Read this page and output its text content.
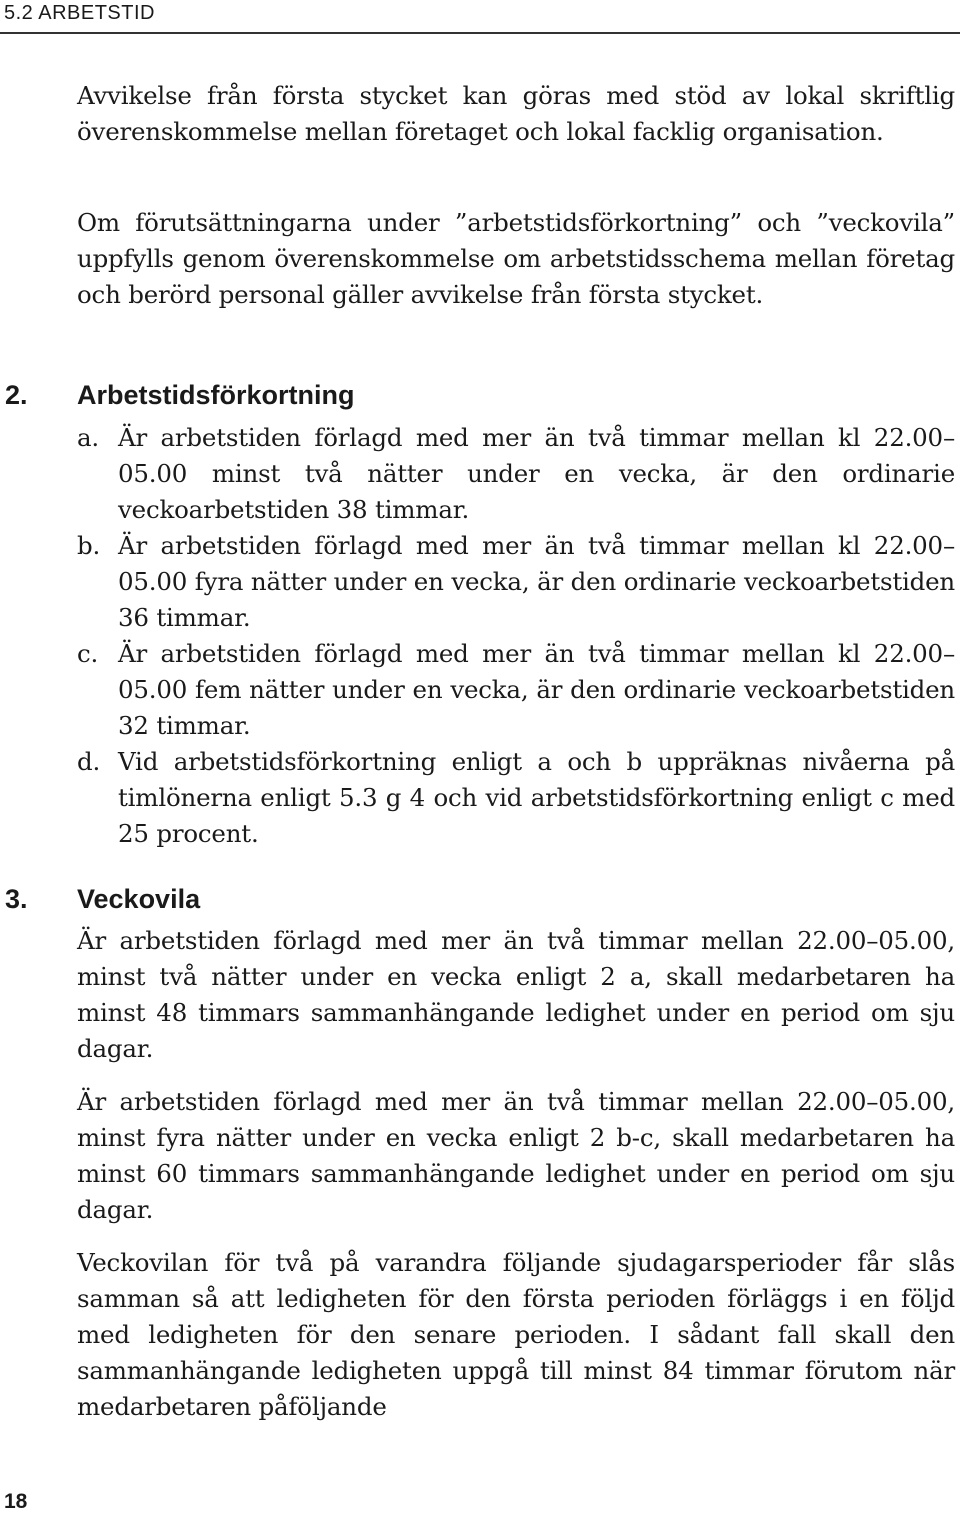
5.2 ARBETSTID

Avvikelse från första stycket kan göras med stöd av lokal skriftlig överenskommelse mellan företaget och lokal facklig organisation.

Om förutsättningarna under ”arbetstidsförkortning” och ”veckovila” uppfylls genom överenskommelse om arbetstidsschema mellan företag och berörd personal gäller avvikelse från första stycket.

2. Arbetstidsförkortning
a. Är arbetstiden förlagd med mer än två timmar mellan kl 22.00–05.00 minst två nätter under en vecka, är den ordinarie veckoarbetstiden 38 timmar.
b. Är arbetstiden förlagd med mer än två timmar mellan kl 22.00–05.00 fyra nätter under en vecka, är den ordinarie veckoarbetstiden 36 timmar.
c. Är arbetstiden förlagd med mer än två timmar mellan kl 22.00–05.00 fem nätter under en vecka, är den ordinarie veckoarbetstiden 32 timmar.
d. Vid arbetstidsförkortning enligt a och b uppräknas nivåerna på timlönerna enligt 5.3 g 4 och vid arbetstidsförkortning enligt c med 25 procent.
3. Veckovila

Är arbetstiden förlagd med mer än två timmar mellan 22.00–05.00, minst två nätter under en vecka enligt 2 a, skall medarbetaren ha minst 48 timmars sammanhängande ledighet under en period om sju dagar.

Är arbetstiden förlagd med mer än två timmar mellan 22.00–05.00, minst fyra nätter under en vecka enligt 2 b-c, skall medarbetaren ha minst 60 timmars sammanhängande ledighet under en period om sju dagar.

Veckovilan för två på varandra följande sjudagarsperioder får slås samman så att ledigheten för den första perioden förläggs i en följd med ledigheten för den senare perioden. I sådant fall skall den sammanhängande ledigheten uppgå till minst 84 timmar förutom när medarbetaren påföljande

18
